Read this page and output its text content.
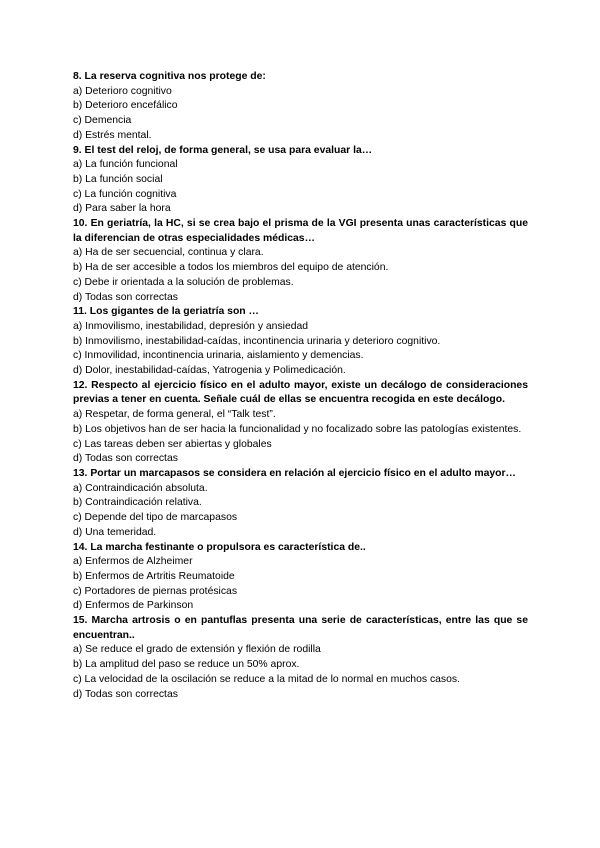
8. La reserva cognitiva nos protege de:
a) Deterioro cognitivo
b) Deterioro encefálico
c) Demencia
d) Estrés mental.
9. El test del reloj, de forma general, se usa para evaluar la…
a) La función funcional
b) La función social
c) La función cognitiva
d) Para saber la hora
10. En geriatría, la HC, si se crea bajo el prisma de la VGI presenta unas características que la diferencian de otras especialidades médicas…
a) Ha de ser secuencial, continua y clara.
b) Ha de ser accesible a todos los miembros del equipo de atención.
c) Debe ir orientada a la solución de problemas.
d) Todas son correctas
11. Los gigantes de la geriatría son …
a) Inmovilismo, inestabilidad, depresión y ansiedad
b) Inmovilismo, inestabilidad-caídas, incontinencia urinaria y deterioro cognitivo.
c) Inmovilidad, incontinencia urinaria, aislamiento y demencias.
d) Dolor, inestabilidad-caídas, Yatrogenia y Polimedicación.
12. Respecto al ejercicio físico en el adulto mayor, existe un decálogo de consideraciones previas a tener en cuenta. Señale cuál de ellas se encuentra recogida en este decálogo.
a) Respetar, de forma general, el “Talk test”.
b) Los objetivos han de ser hacia la funcionalidad y no focalizado sobre las patologías existentes.
c) Las tareas deben ser abiertas y globales
d) Todas son correctas
13. Portar un marcapasos se considera en relación al ejercicio físico en el adulto mayor…
a) Contraindicación absoluta.
b) Contraindicación relativa.
c) Depende del tipo de marcapasos
d) Una temeridad.
14. La marcha festinante o propulsora es característica de..
a) Enfermos de Alzheimer
b) Enfermos de Artritis Reumatoide
c) Portadores de piernas protésicas
d) Enfermos de Parkinson
15. Marcha artrosis o en pantuflas presenta una serie de características, entre las que se encuentran..
a) Se reduce el grado de extensión y flexión de rodilla
b) La amplitud del paso se reduce un 50% aprox.
c) La velocidad de la oscilación se reduce a la mitad de lo normal en muchos casos.
d) Todas son correctas
